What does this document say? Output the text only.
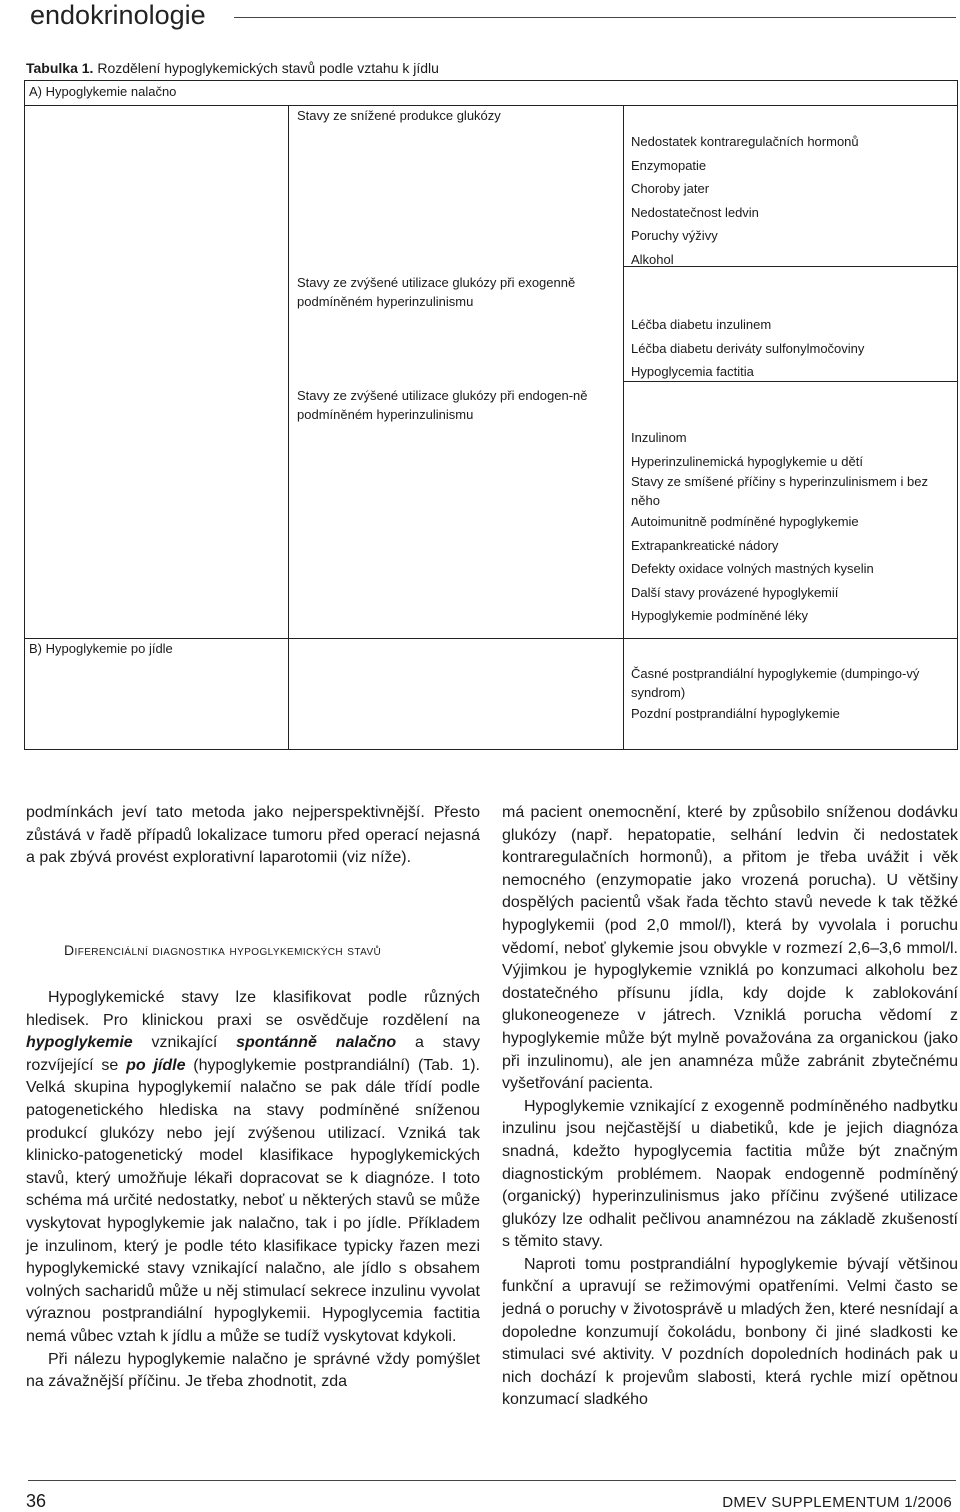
endokrinologie
Tabulka 1. Rozdělení hypoglykemických stavů podle vztahu k jídlu
A) Hypoglykemie nalačno
B) Hypoglykemie po jídle
Stavy ze snížené produkce glukózy
Stavy ze zvýšené utilizace glukózy při exogenně podmíněném hyperinzulinismu
Stavy ze zvýšené utilizace glukózy při endogen-ně podmíněném hyperinzulinismu
Nedostatek kontraregulačních hormonů
Enzymopatie
Choroby jater
Nedostatečnost ledvin
Poruchy výživy
Alkohol
Léčba diabetu inzulinem
Léčba diabetu deriváty sulfonylmočoviny
Hypoglycemia factitia
Inzulinom
Hyperinzulinemická hypoglykemie u dětí
Stavy ze smíšené příčiny s hyperinzulinismem i bez něho
Autoimunitně podmíněné hypoglykemie
Extrapankreatické nádory
Defekty oxidace volných mastných kyselin
Další stavy provázené hypoglykemií
Hypoglykemie podmíněné léky
Časné postprandiální hypoglykemie (dumpingo-vý syndrom)
Pozdní postprandiální hypoglykemie

podmínkách jeví tato metoda jako nejperspektivnější. Přesto zůstává v řadě případů lokalizace tumoru před operací nejasná a pak zbývá provést explorativní laparotomii (viz níže).

Diferenciální diagnostika hypoglykemických stavů

Hypoglykemické stavy lze klasifikovat podle různých hledisek. Pro klinickou praxi se osvědčuje rozdělení na hypoglykemie vznikající spontánně nalačno a stavy rozvíjející se po jídle (hypoglykemie postprandiální) (Tab. 1). Velká skupina hypoglykemií nalačno se pak dále třídí podle patogenetického hlediska na stavy podmíněné sníženou produkcí glukózy nebo její zvýšenou utilizací. Vzniká tak klinicko-patogenetický model klasifikace hypoglykemických stavů, který umožňuje lékaři dopracovat se k diagnóze. I toto schéma má určité nedostatky, neboť u některých stavů se může vyskytovat hypoglykemie jak nalačno, tak i po jídle. Příkladem je inzulinom, který je podle této klasifikace typicky řazen mezi hypoglykemické stavy vznikající nalačno, ale jídlo s obsahem volných sacharidů může u něj stimulací sekrece inzulinu vyvolat výraznou postprandiální hypoglykemii. Hypoglycemia factitia nemá vůbec vztah k jídlu a může se tudíž vyskytovat kdykoli.

Při nálezu hypoglykemie nalačno je správné vždy pomýšlet na závažnější příčinu. Je třeba zhodnotit, zda

má pacient onemocnění, které by způsobilo sníženou dodávku glukózy (např. hepatopatie, selhání ledvin či nedostatek kontraregulačních hormonů), a přitom je třeba uvážit i věk nemocného (enzymopatie jako vrozená porucha). U většiny dospělých pacientů však řada těchto stavů nevede k tak těžké hypoglykemii (pod 2,0 mmol/l), která by vyvolala i poruchu vědomí, neboť glykemie jsou obvykle v rozmezí 2,6–3,6 mmol/l. Výjimkou je hypoglykemie vzniklá po konzumaci alkoholu bez dostatečného přísunu jídla, kdy dojde k zablokování glukoneogeneze v játrech. Vzniklá porucha vědomí z hypoglykemie může být mylně považována za organickou (jako při inzulinomu), ale jen anamnéza může zabránit zbytečnému vyšetřování pacienta.

Hypoglykemie vznikající z exogenně podmíněného nadbytku inzulinu jsou nejčastější u diabetiků, kde je jejich diagnóza snadná, kdežto hypoglycemia factitia může být značným diagnostickým problémem. Naopak endogenně podmíněný (organický) hyperinzulinismus jako příčinu zvýšené utilizace glukózy lze odhalit pečlivou anamnézou na základě zkušeností s těmito stavy.

Naproti tomu postprandiální hypoglykemie bývají většinou funkční a upravují se režimovými opatřeními. Velmi často se jedná o poruchy v životosprávě u mladých žen, které nesnídají a dopoledne konzumují čokoládu, bonbony či jiné sladkosti ke stimulaci své aktivity. V pozdních dopoledních hodinách pak u nich dochází k projevům slabosti, která rychle mizí opětnou konzumací sladkého

36	DMEV SUPPLEMENTUM 1/2006
